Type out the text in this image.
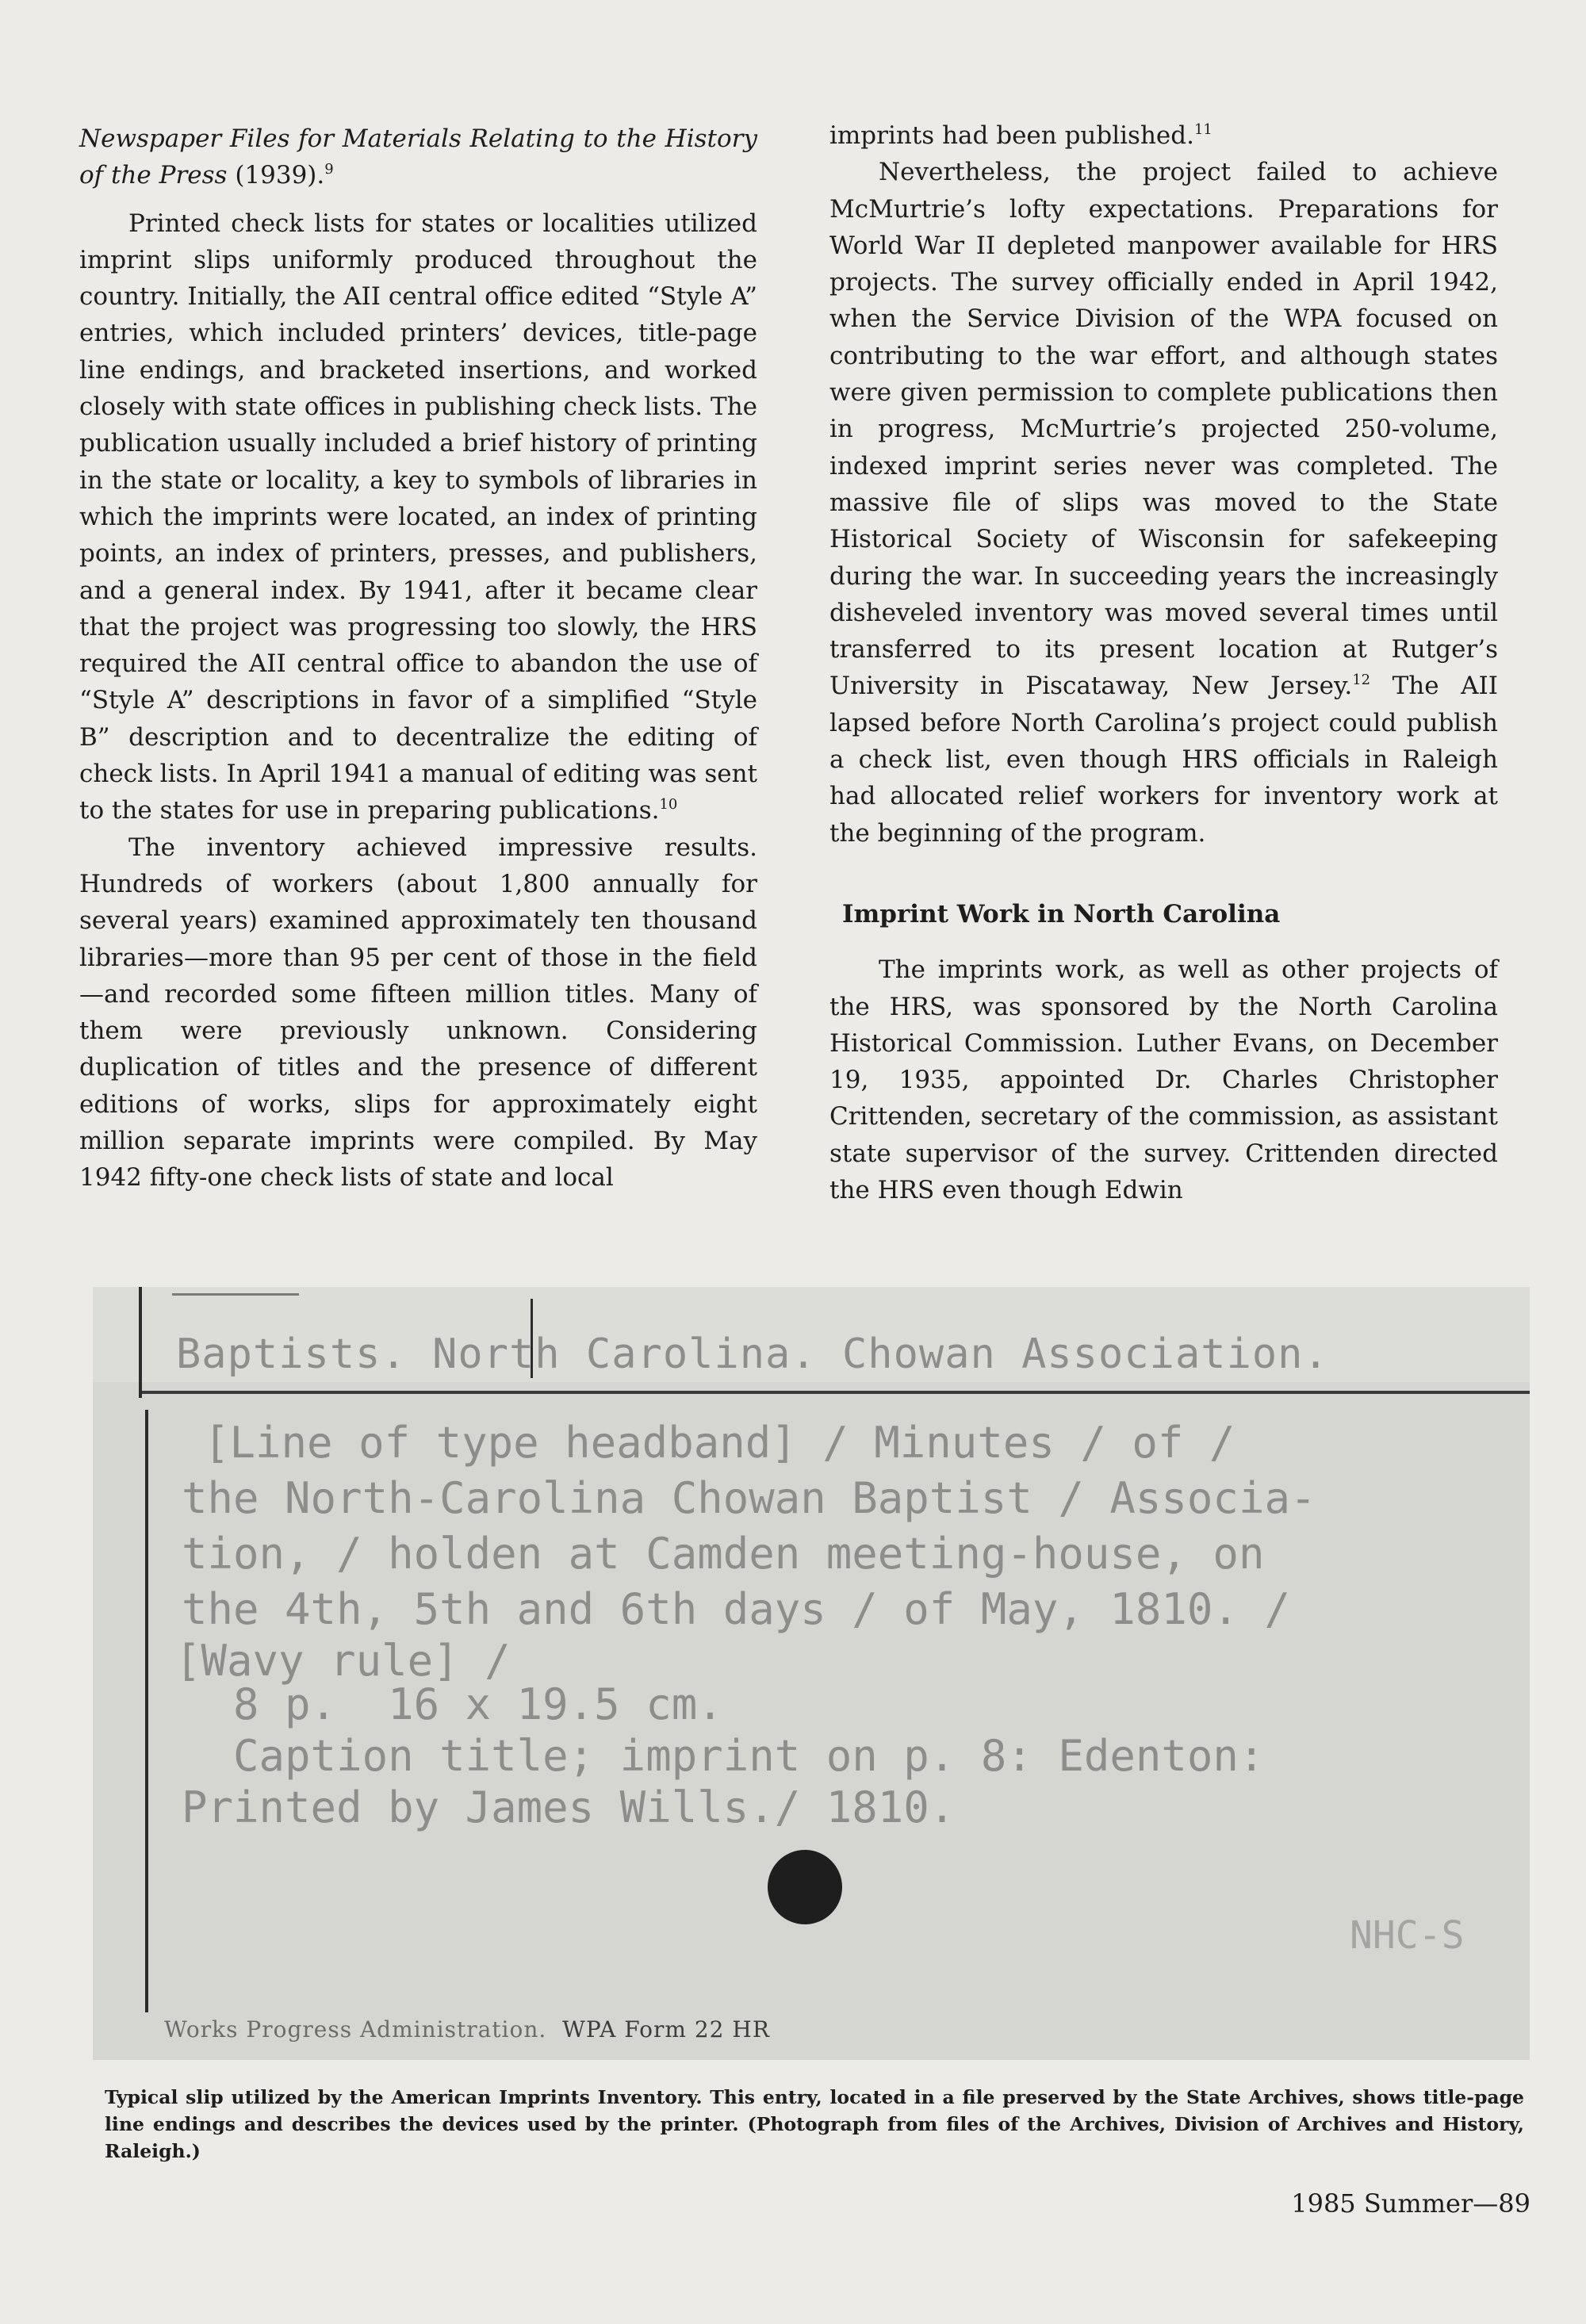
Newspaper Files for Materials Relating to the History of the Press (1939).$^9$

Printed check lists for states or localities utilized imprint slips uniformly produced throughout the country. Initially, the AII central office edited “Style A” entries, which included printers’ devices, title-page line endings, and bracketed insertions, and worked closely with state offices in publishing check lists. The publication usually included a brief history of printing in the state or locality, a key to symbols of libraries in which the imprints were located, an index of printing points, an index of printers, presses, and publishers, and a general index. By 1941, after it became clear that the project was progressing too slowly, the HRS required the AII central office to abandon the use of “Style A” descriptions in favor of a simplified “Style B” description and to decentralize the editing of check lists. In April 1941 a manual of editing was sent to the states for use in preparing publications.$^{10}$

The inventory achieved impressive results. Hundreds of workers (about 1,800 annually for several years) examined approximately ten thousand libraries—more than 95 per cent of those in the field—and recorded some fifteen million titles. Many of them were previously unknown. Considering duplication of titles and the presence of different editions of works, slips for approximately eight million separate imprints were compiled. By May 1942 fifty-one check lists of state and local

imprints had been published.$^{11}$

Nevertheless, the project failed to achieve McMurtrie’s lofty expectations. Preparations for World War II depleted manpower available for HRS projects. The survey officially ended in April 1942, when the Service Division of the WPA focused on contributing to the war effort, and although states were given permission to complete publications then in progress, McMurtrie’s projected 250-volume, indexed imprint series never was completed. The massive file of slips was moved to the State Historical Society of Wisconsin for safekeeping during the war. In succeeding years the increasingly disheveled inventory was moved several times until transferred to its present location at Rutger’s University in Piscataway, New Jersey.$^{12}$ The AII lapsed before North Carolina’s project could publish a check list, even though HRS officials in Raleigh had allocated relief workers for inventory work at the beginning of the program.

Imprint Work in North Carolina

The imprints work, as well as other projects of the HRS, was sponsored by the North Carolina Historical Commission. Luther Evans, on December 19, 1935, appointed Dr. Charles Christopher Crittenden, secretary of the commission, as assistant state supervisor of the survey. Crittenden directed the HRS even though Edwin

Baptists. North Carolina. Chowan Association.
[Line of type headband] / Minutes / of /
the North-Carolina Chowan Baptist / Associa-
tion, / holden at Camden meeting-house, on
the 4th, 5th and 6th days / of May, 1810. /
[Wavy rule] /
8 p.  16 x 19.5 cm.
Caption title; imprint on p. 8: Edenton:
Printed by James Wills./ 1810.
NHC-S
Works Progress Administration. WPA Form 22 HR
Typical slip utilized by the American Imprints Inventory. This entry, located in a file preserved by the State Archives, shows title-page line endings and describes the devices used by the printer. (Photograph from files of the Archives, Division of Archives and History, Raleigh.)
1985 Summer—89
